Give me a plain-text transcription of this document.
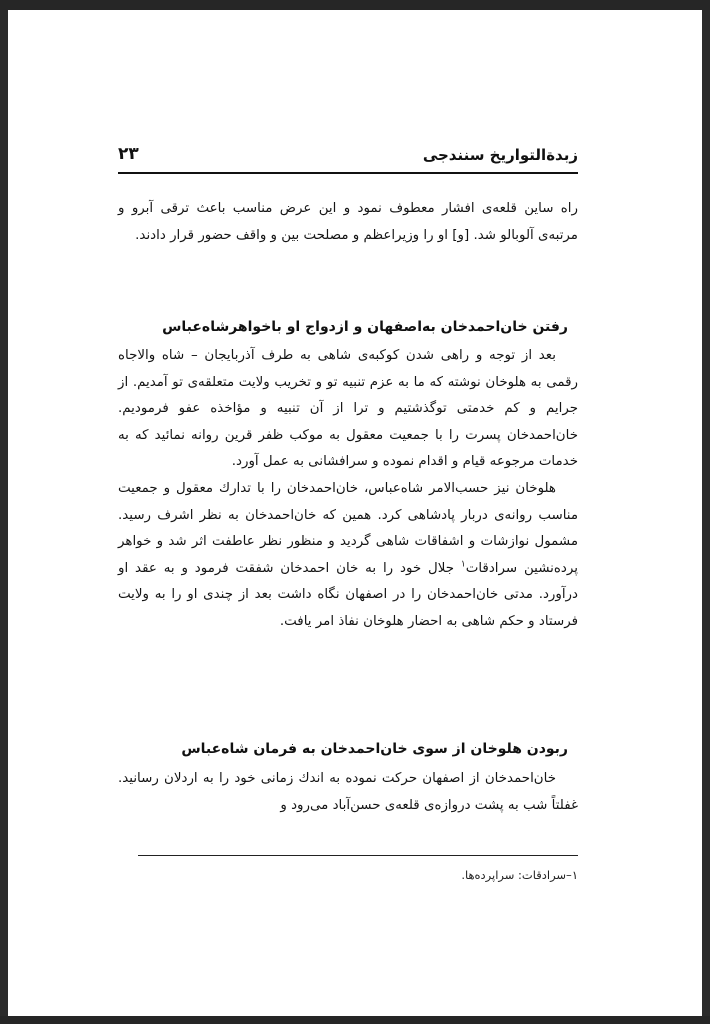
زبدةالتواريخ سنندجى
۲۳

راه ساين قلعه‌ى افشار معطوف نمود و اين عرض مناسب باعث ترقى آبرو و مرتبه‌ى آلوبالو شد. [و] او را وزيراعظم و مصلحت بين و واقف حضور قرار دادند.

رفتن خان‌احمدخان به‌اصفهان و ازدواج او باخواهرشاه‌عباس

بعد از توجه و راهى شدن كوكبه‌ى شاهى به طرف آذربايجان – شاه والاجاه رقمى به هلوخان نوشته كه ما به عزم تنبيه تو و تخريب ولايت متعلقه‌ى تو آمديم. از جرايم و كم خدمتى توگذشتيم و ترا از آن تنبيه و مؤاخذه عفو فرموديم. خان‌احمدخان پسرت را با جمعيت معقول به موكب ظفر قرين روانه نمائيد كه به خدمات مرجوعه قيام و اقدام نموده و سرافشانى به عمل آورد.

هلوخان نيز حسب‌الامر شاه‌عباس، خان‌احمدخان را با تدارك معقول و جمعيت مناسب روانه‌ى دربار پادشاهى كرد. همين كه خان‌احمدخان به نظر اشرف رسيد. مشمول نوازشات و اشفاقات شاهى گرديد و منظور نظر عاطفت اثر شد و خواهر پرده‌نشين سرادقات$^۱$ جلال خود را به خان احمدخان شفقت فرمود و به عقد او درآورد. مدتى خان‌احمدخان را در اصفهان نگاه داشت بعد از چندى او را به ولايت فرستاد و حكم شاهى به احضار هلوخان نفاذ امر يافت.

ربودن هلوخان از سوى خان‌احمدخان به فرمان شاه‌عباس

خان‌احمدخان از اصفهان حركت نموده به اندك زمانى خود را به اردلان رسانيد. غفلتاً شب به پشت دروازه‌ى قلعه‌ى حسن‌آباد مى‌رود و

۱–سرادقات: سراپرده‌ها.
